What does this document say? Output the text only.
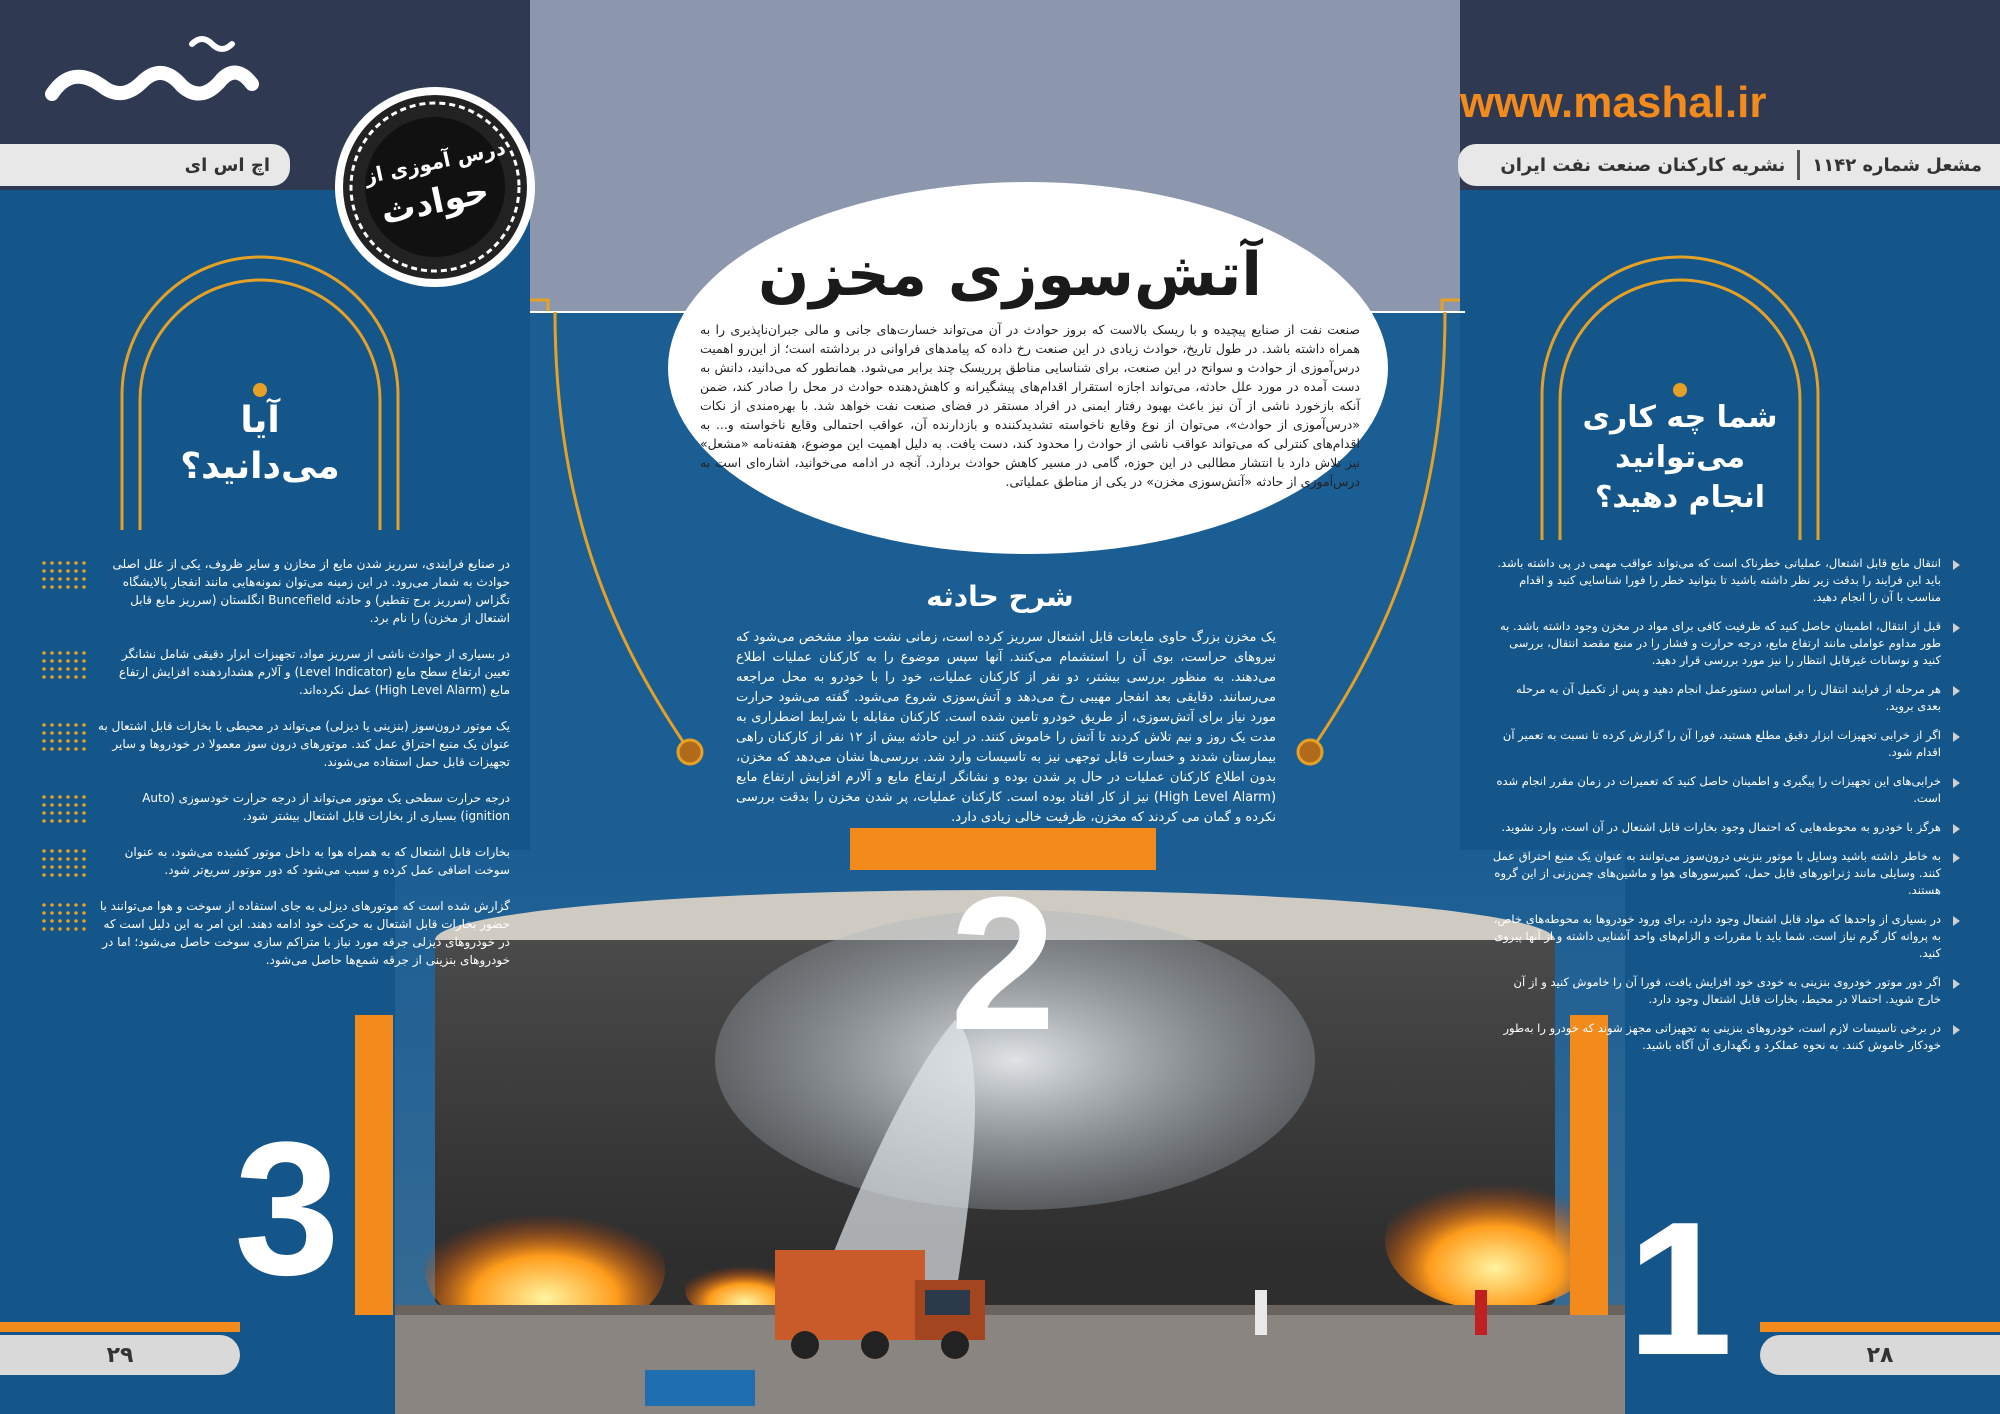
www.mashal.ir
اچ اس ای	مشعل شماره ۱۱۴۲
نشریه کارکنان صنعت نفت ایران
درس آموزی از
حوادث
آتش‌سوزی مخزن
صنعت نفت از صنایع پیچیده و با ریسک بالاست که بروز حوادث در آن می‌تواند خسارت‌های جانی و مالی جبران‌ناپذیری را به همراه داشته باشد. در طول تاریخ، حوادث زیادی در این صنعت رخ داده که پیامدهای فراوانی در برداشته است؛ از این‌رو اهمیت درس‌آموزی از حوادث و سوانح در این صنعت، برای شناسایی مناطق پرریسک چند برابر می‌شود. همانطور که می‌دانید، دانش به دست آمده در مورد علل حادثه، می‌تواند اجازه استقرار اقدام‌های پیشگیرانه و کاهش‌دهنده حوادث در محل را صادر کند، ضمن آنکه بازخورد ناشی از آن نیز باعث بهبود رفتار ایمنی در افراد مستقر در فضای صنعت نفت خواهد شد. با بهره‌مندی از نکات «درس‌آموزی از حوادث»، می‌توان از نوع وقایع ناخواسته تشدیدکننده و بازدارنده آن، عواقب احتمالی وقایع ناخواسته و... به اقدام‌های کنترلی که می‌تواند عواقب ناشی از حوادث را محدود کند، دست یافت. به دلیل اهمیت این موضوع، هفته‌نامه «مشعل» نیز تلاش دارد با انتشار مطالبی در این حوزه، گامی در مسیر کاهش حوادث بردارد. آنچه در ادامه می‌خوانید، اشاره‌ای است به درس‌آموزی از حادثه «آتش‌سوزی مخزن» در یکی از مناطق عملیاتی.
شرح حادثه
یک مخزن بزرگ حاوی مایعات قابل اشتعال سرریز کرده است، زمانی نشت مواد مشخص می‌شود که نیروهای حراست، بوی آن را استشمام می‌کنند. آنها سپس موضوع را به کارکنان عملیات اطلاع می‌دهند. به منظور بررسی بیشتر، دو نفر از کارکنان عملیات، خود را با خودرو به محل مراجعه می‌رسانند. دقایقی بعد انفجار مهیبی رخ می‌دهد و آتش‌سوزی شروع می‌شود. گفته می‌شود حرارت مورد نیاز برای آتش‌سوزی، از طریق خودرو تامین شده است. کارکنان مقابله با شرایط اضطراری به مدت یک روز و نیم تلاش کردند تا آتش را خاموش کنند. در این حادثه بیش از ۱۲ نفر از کارکنان راهی بیمارستان شدند و خسارت قابل توجهی نیز به تاسیسات وارد شد. بررسی‌ها نشان می‌دهد که مخزن، بدون اطلاع کارکنان عملیات در حال پر شدن بوده و نشانگر ارتفاع مایع و آلارم افزایش ارتفاع مایع (High Level Alarm) نیز از کار افتاد بوده است. کارکنان عملیات، پر شدن مخزن را بدقت بررسی نکرده و گمان می کردند که مخزن، ظرفیت خالی زیادی دارد.
2
3	1
۲۹	۲۸
آیا
می‌دانید؟
شما چه کاری
می‌توانید
انجام دهید؟
در صنایع فرایندی، سرریز شدن مایع از مخازن و سایر ظروف، یکی از علل اصلی حوادث به شمار می‌رود. در این زمینه می‌توان نمونه‌هایی مانند انفجار پالایشگاه تگزاس (سرریز برج تقطیر) و حادثه Buncefield انگلستان (سرریز مایع قابل اشتعال از مخزن) را نام برد.
در بسیاری از حوادث ناشی از سرریز مواد، تجهیزات ابزار دقیقی شامل نشانگر تعیین ارتفاع سطح مایع (Level Indicator) و آلارم هشداردهنده افزایش ارتفاع مایع (High Level Alarm) عمل نکرده‌اند.
یک موتور درون‌سوز (بنزینی یا دیزلی) می‌تواند در محیطی با بخارات قابل اشتعال به عنوان یک منبع احتراق عمل کند. موتورهای درون سوز معمولا در خودروها و سایر تجهیزات قابل حمل استفاده می‌شوند.
درجه حرارت سطحی یک موتور می‌تواند از درجه حرارت خودسوزی (Auto ignition) بسیاری از بخارات قابل اشتعال بیشتر شود.
بخارات قابل اشتعال که به همراه هوا به داخل موتور کشیده می‌شود، به عنوان سوخت اضافی عمل کرده و سبب می‌شود که دور موتور سریع‌تر شود.
گزارش شده است که موتورهای دیزلی به جای استفاده از سوخت و هوا می‌توانند با حضور بخارات قابل اشتعال به حرکت خود ادامه دهند. این امر به این دلیل است که در خودروهای دیزلی جرقه مورد نیاز با متراکم سازی سوخت حاصل می‌شود؛ اما در خودروهای بنزینی از جرقه شمع‌ها حاصل می‌شود.
انتقال مایع قابل اشتعال، عملیاتی خطرناک است که می‌تواند عواقب مهمی در پی داشته باشد. باید این فرایند را بدقت زیر نظر داشته باشید تا بتوانید خطر را فورا شناسایی کنید و اقدام مناسب با آن را انجام دهید.
قبل از انتقال، اطمینان حاصل کنید که ظرفیت کافی برای مواد در مخزن وجود داشته باشد. به طور مداوم عواملی مانند ارتفاع مایع، درجه حرارت و فشار را در منبع مقصد انتقال، بررسی کنید و نوسانات غیرقابل انتظار را نیز مورد بررسی قرار دهید.
هر مرحله از فرایند انتقال را بر اساس دستورعمل انجام دهید و پس از تکمیل آن به مرحله بعدی بروید.
اگر از خرابی تجهیزات ابزار دقیق مطلع هستید، فورا آن را گزارش کرده تا نسبت به تعمیر آن اقدام شود.
خرابی‌های این تجهیزات را پیگیری و اطمینان حاصل کنید که تعمیرات در زمان مقرر انجام شده است.
هرگز با خودرو به محوطه‌هایی که احتمال وجود بخارات قابل اشتعال در آن است، وارد نشوید.
به خاطر داشته باشید وسایل با موتور بنزینی درون‌سوز می‌توانند به عنوان یک منبع احتراق عمل کنند. وسایلی مانند ژنراتورهای قابل حمل، کمپرسورهای هوا و ماشین‌های چمن‌زنی از این گروه هستند.
در بسیاری از واحدها که مواد قابل اشتعال وجود دارد، برای ورود خودروها به محوطه‌های خاص، به پروانه کار گرم نیاز است. شما باید با مقررات و الزام‌های واحد آشنایی داشته و از آنها پیروی کنید.
اگر دور موتور خودروی بنزینی به خودی خود افزایش یافت، فورا آن را خاموش کنید و از آن خارج شوید. احتمالا در محیط، بخارات قابل اشتعال وجود دارد.
در برخی تاسیسات لازم است، خودروهای بنزینی به تجهیزاتی مجهز شوند که خودرو را به‌طور خودکار خاموش کنند. به نحوه عملکرد و نگهداری آن آگاه باشید.
